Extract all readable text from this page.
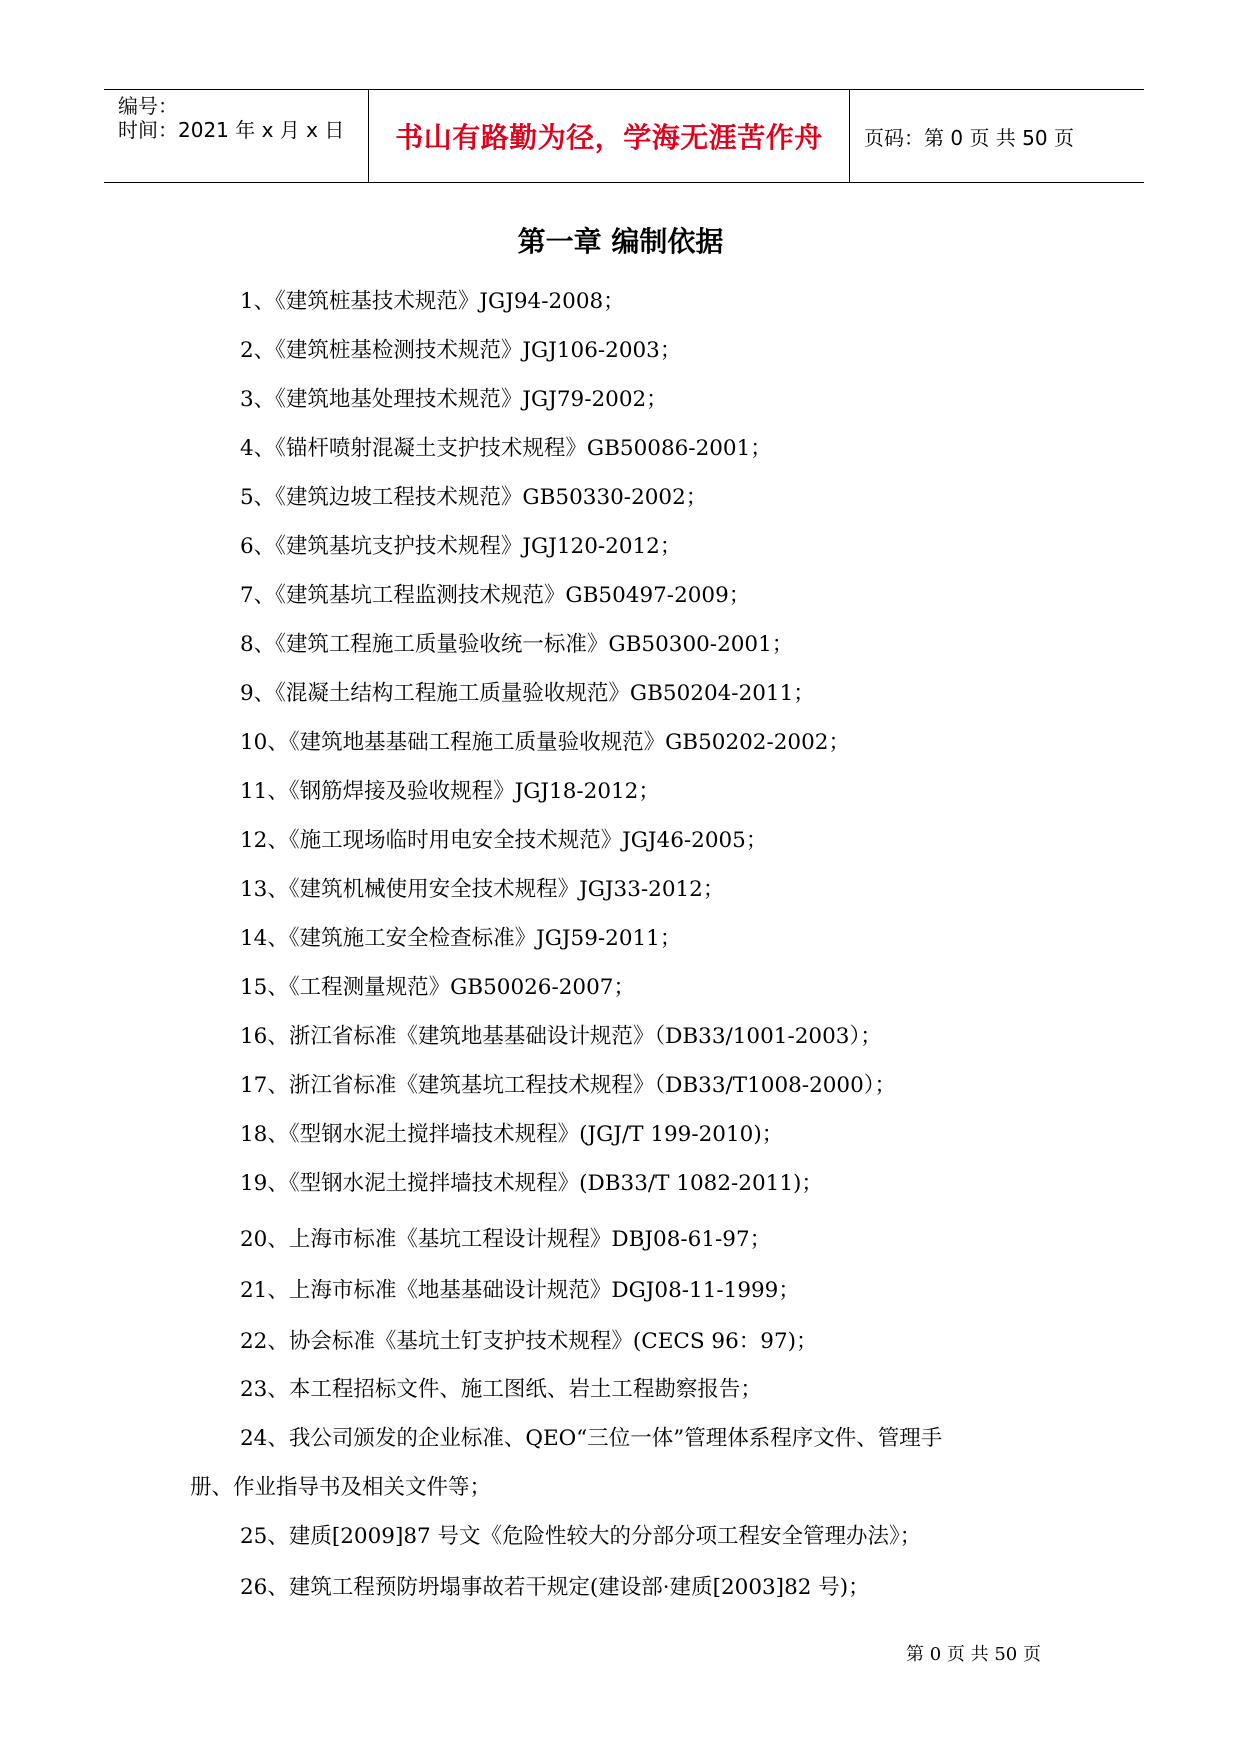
编号：
时间：2021 年 x 月 x 日 书山有路勤为径，学海无涯苦作舟 页码：第 0 页 共 50 页
第一章 编制依据
1、《建筑桩基技术规范》JGJ94-2008；
2、《建筑桩基检测技术规范》JGJ106-2003；
3、《建筑地基处理技术规范》JGJ79-2002；
4、《锚杆喷射混凝土支护技术规程》GB50086-2001；
5、《建筑边坡工程技术规范》GB50330-2002；
6、《建筑基坑支护技术规程》JGJ120-2012；
7、《建筑基坑工程监测技术规范》GB50497-2009；
8、《建筑工程施工质量验收统一标准》GB50300-2001；
9、《混凝土结构工程施工质量验收规范》GB50204-2011；
10、《建筑地基基础工程施工质量验收规范》GB50202-2002；
11、《钢筋焊接及验收规程》JGJ18-2012；
12、《施工现场临时用电安全技术规范》JGJ46-2005；
13、《建筑机械使用安全技术规程》JGJ33-2012；
14、《建筑施工安全检查标准》JGJ59-2011；
15、《工程测量规范》GB50026-2007；
16、浙江省标准《建筑地基基础设计规范》（DB33/1001-2003）；
17、浙江省标准《建筑基坑工程技术规程》（DB33/T1008-2000）；
18、《型钢水泥土搅拌墙技术规程》(JGJ/T 199-2010)；
19、《型钢水泥土搅拌墙技术规程》(DB33/T 1082-2011)；
20、上海市标准《基坑工程设计规程》DBJ08-61-97；
21、上海市标准《地基基础设计规范》DGJ08-11-1999；
22、协会标准《基坑土钉支护技术规程》(CECS 96：97)；
23、本工程招标文件、施工图纸、岩土工程勘察报告；
24、我公司颁发的企业标准、QEO“三位一体”管理体系程序文件、管理手
册、作业指导书及相关文件等；
25、建质[2009]87 号文《危险性较大的分部分项工程安全管理办法》；
26、建筑工程预防坍塌事故若干规定(建设部·建质[2003]82 号)；
第 0 页 共 50 页
